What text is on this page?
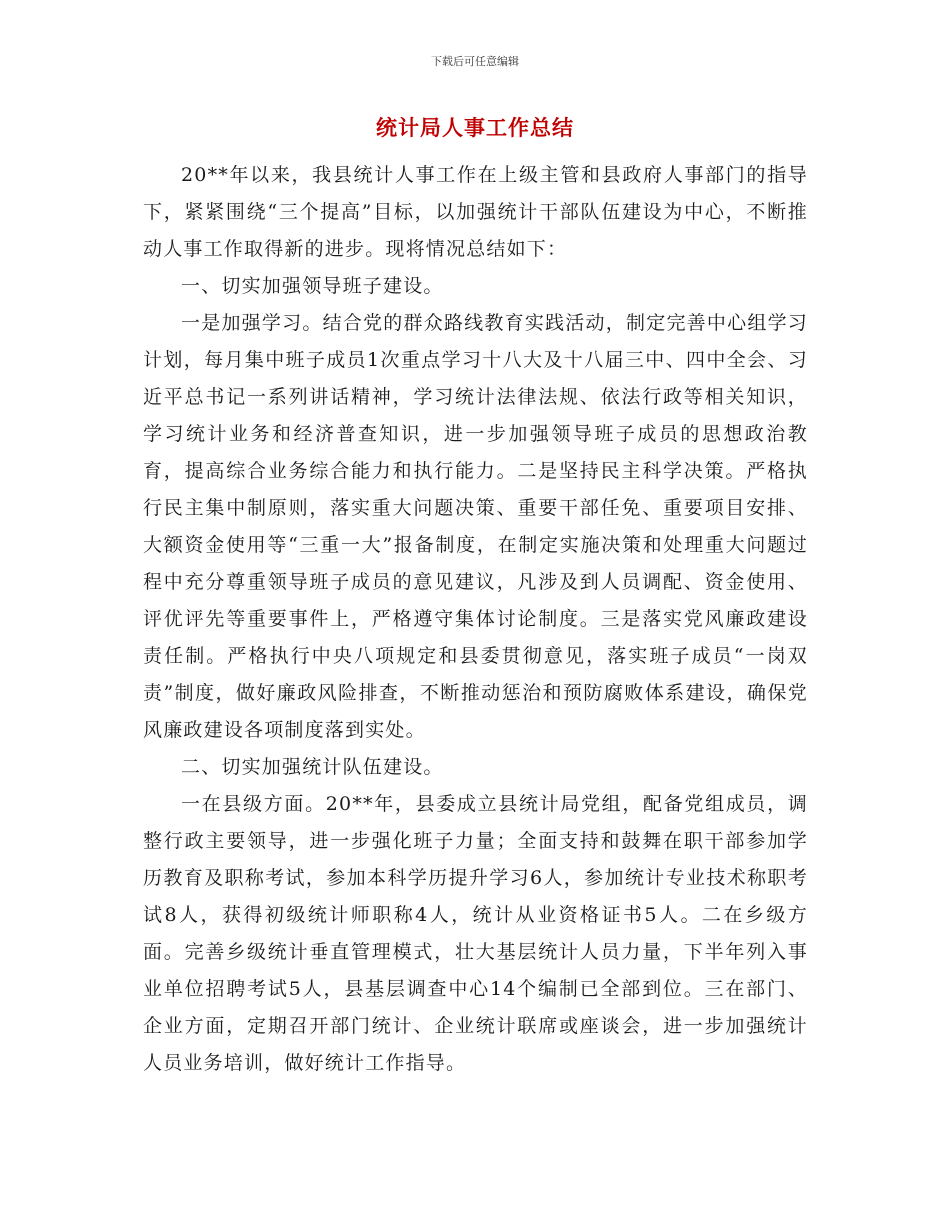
下载后可任意编辑
统计局人事工作总结

20**年以来，我县统计人事工作在上级主管和县政府人事部门的指导下，紧紧围绕“三个提高”目标，以加强统计干部队伍建设为中心，不断推动人事工作取得新的进步。现将情况总结如下：

一、切实加强领导班子建设。

一是加强学习。结合党的群众路线教育实践活动，制定完善中心组学习计划，每月集中班子成员1次重点学习十八大及十八届三中、四中全会、习近平总书记一系列讲话精神，学习统计法律法规、依法行政等相关知识，学习统计业务和经济普查知识，进一步加强领导班子成员的思想政治教育，提高综合业务综合能力和执行能力。二是坚持民主科学决策。严格执行民主集中制原则，落实重大问题决策、重要干部任免、重要项目安排、大额资金使用等“三重一大”报备制度，在制定实施决策和处理重大问题过程中充分尊重领导班子成员的意见建议，凡涉及到人员调配、资金使用、评优评先等重要事件上，严格遵守集体讨论制度。三是落实党风廉政建设责任制。严格执行中央八项规定和县委贯彻意见，落实班子成员“一岗双责”制度，做好廉政风险排查，不断推动惩治和预防腐败体系建设，确保党风廉政建设各项制度落到实处。

二、切实加强统计队伍建设。

一在县级方面。20**年，县委成立县统计局党组，配备党组成员，调整行政主要领导，进一步强化班子力量；全面支持和鼓舞在职干部参加学历教育及职称考试，参加本科学历提升学习6人，参加统计专业技术称职考试8人，获得初级统计师职称4人，统计从业资格证书5人。二在乡级方面。完善乡级统计垂直管理模式，壮大基层统计人员力量，下半年列入事业单位招聘考试5人，县基层调查中心14个编制已全部到位。三在部门、企业方面，定期召开部门统计、企业统计联席或座谈会，进一步加强统计人员业务培训，做好统计工作指导。
